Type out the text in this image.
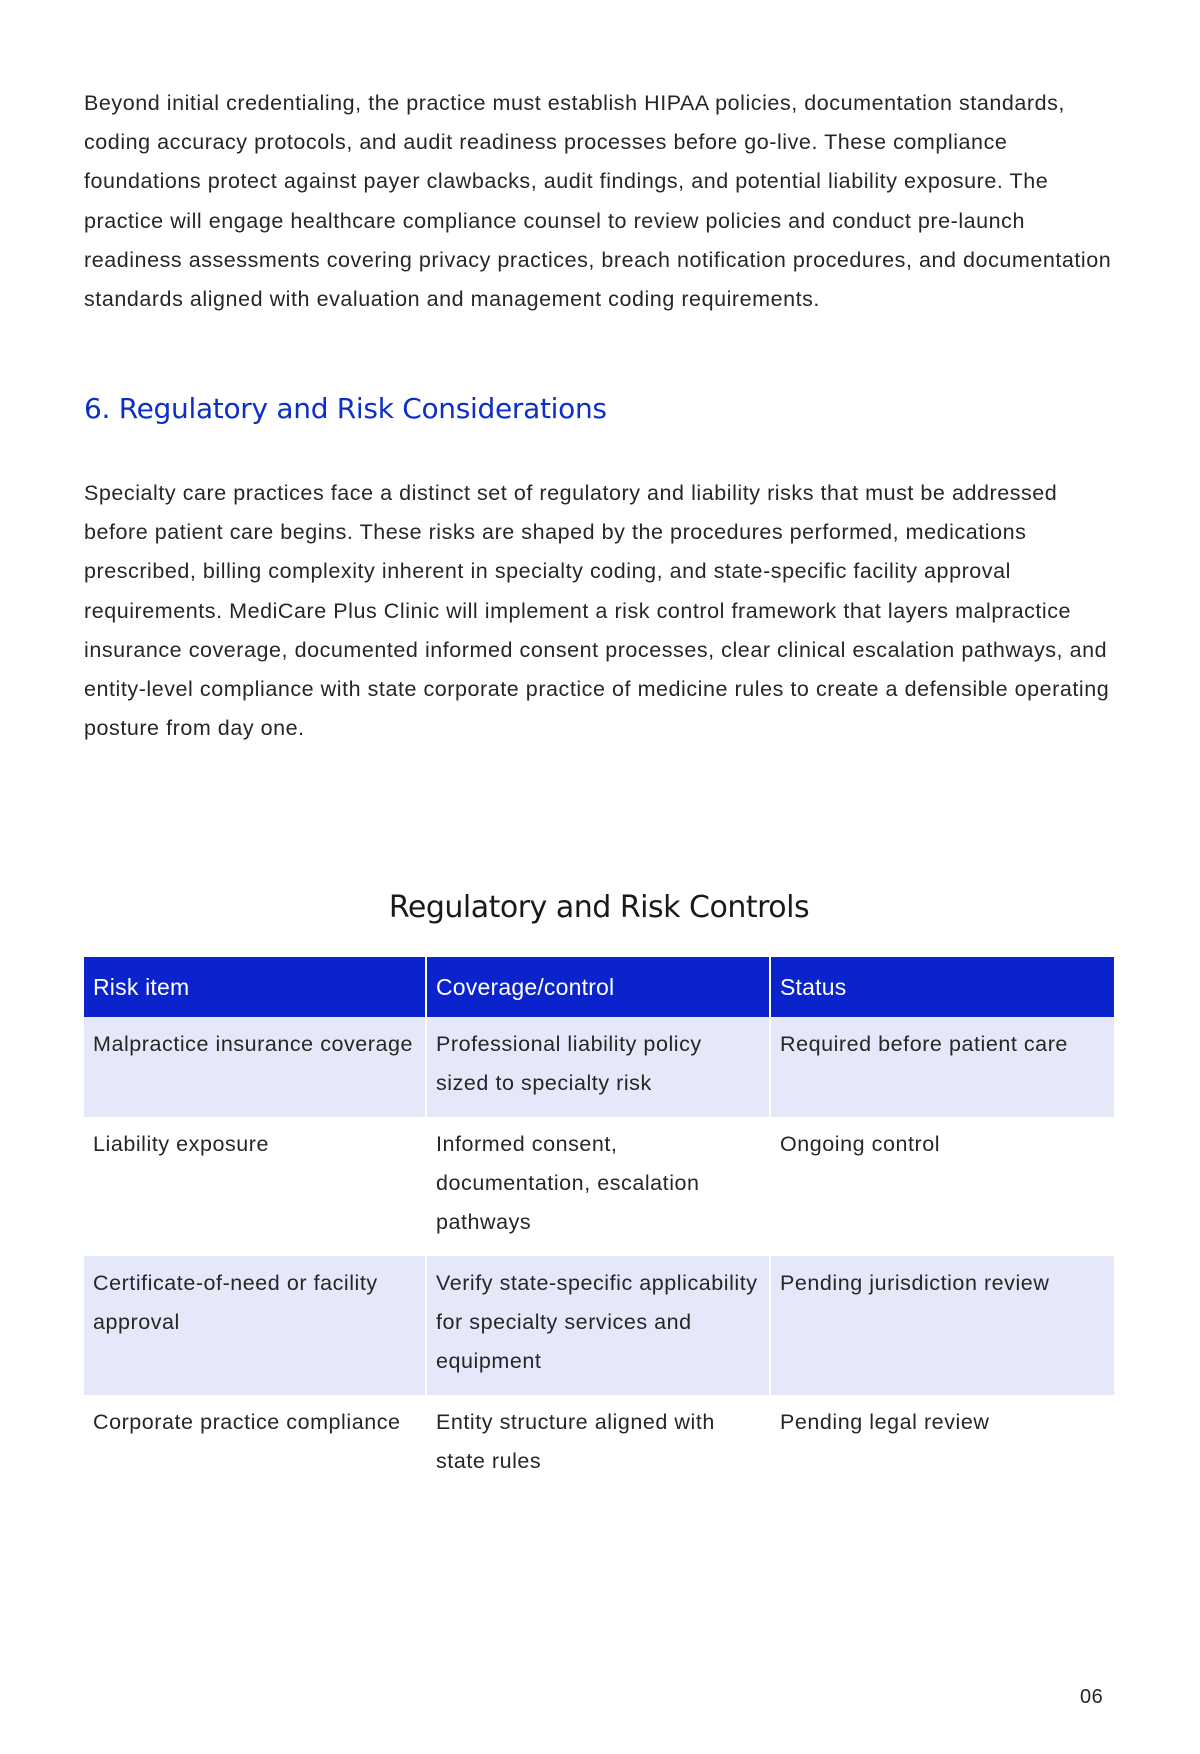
Beyond initial credentialing, the practice must establish HIPAA policies, documentation standards, coding accuracy protocols, and audit readiness processes before go-live. These compliance foundations protect against payer clawbacks, audit findings, and potential liability exposure. The practice will engage healthcare compliance counsel to review policies and conduct pre-launch readiness assessments covering privacy practices, breach notification procedures, and documentation standards aligned with evaluation and management coding requirements.

6. Regulatory and Risk Considerations

Specialty care practices face a distinct set of regulatory and liability risks that must be addressed before patient care begins. These risks are shaped by the procedures performed, medications prescribed, billing complexity inherent in specialty coding, and state-specific facility approval requirements. MediCare Plus Clinic will implement a risk control framework that layers malpractice insurance coverage, documented informed consent processes, clear clinical escalation pathways, and entity-level compliance with state corporate practice of medicine rules to create a defensible operating posture from day one.

Regulatory and Risk Controls
Risk item	Coverage/control	Status
Malpractice insurance coverage	Professional liability policy sized to specialty risk	Required before patient care
Liability exposure	Informed consent, documentation, escalation pathways	Ongoing control
Certificate-of-need or facility approval	Verify state-specific applicability for specialty services and equipment	Pending jurisdiction review
Corporate practice compliance	Entity structure aligned with state rules	Pending legal review
06
